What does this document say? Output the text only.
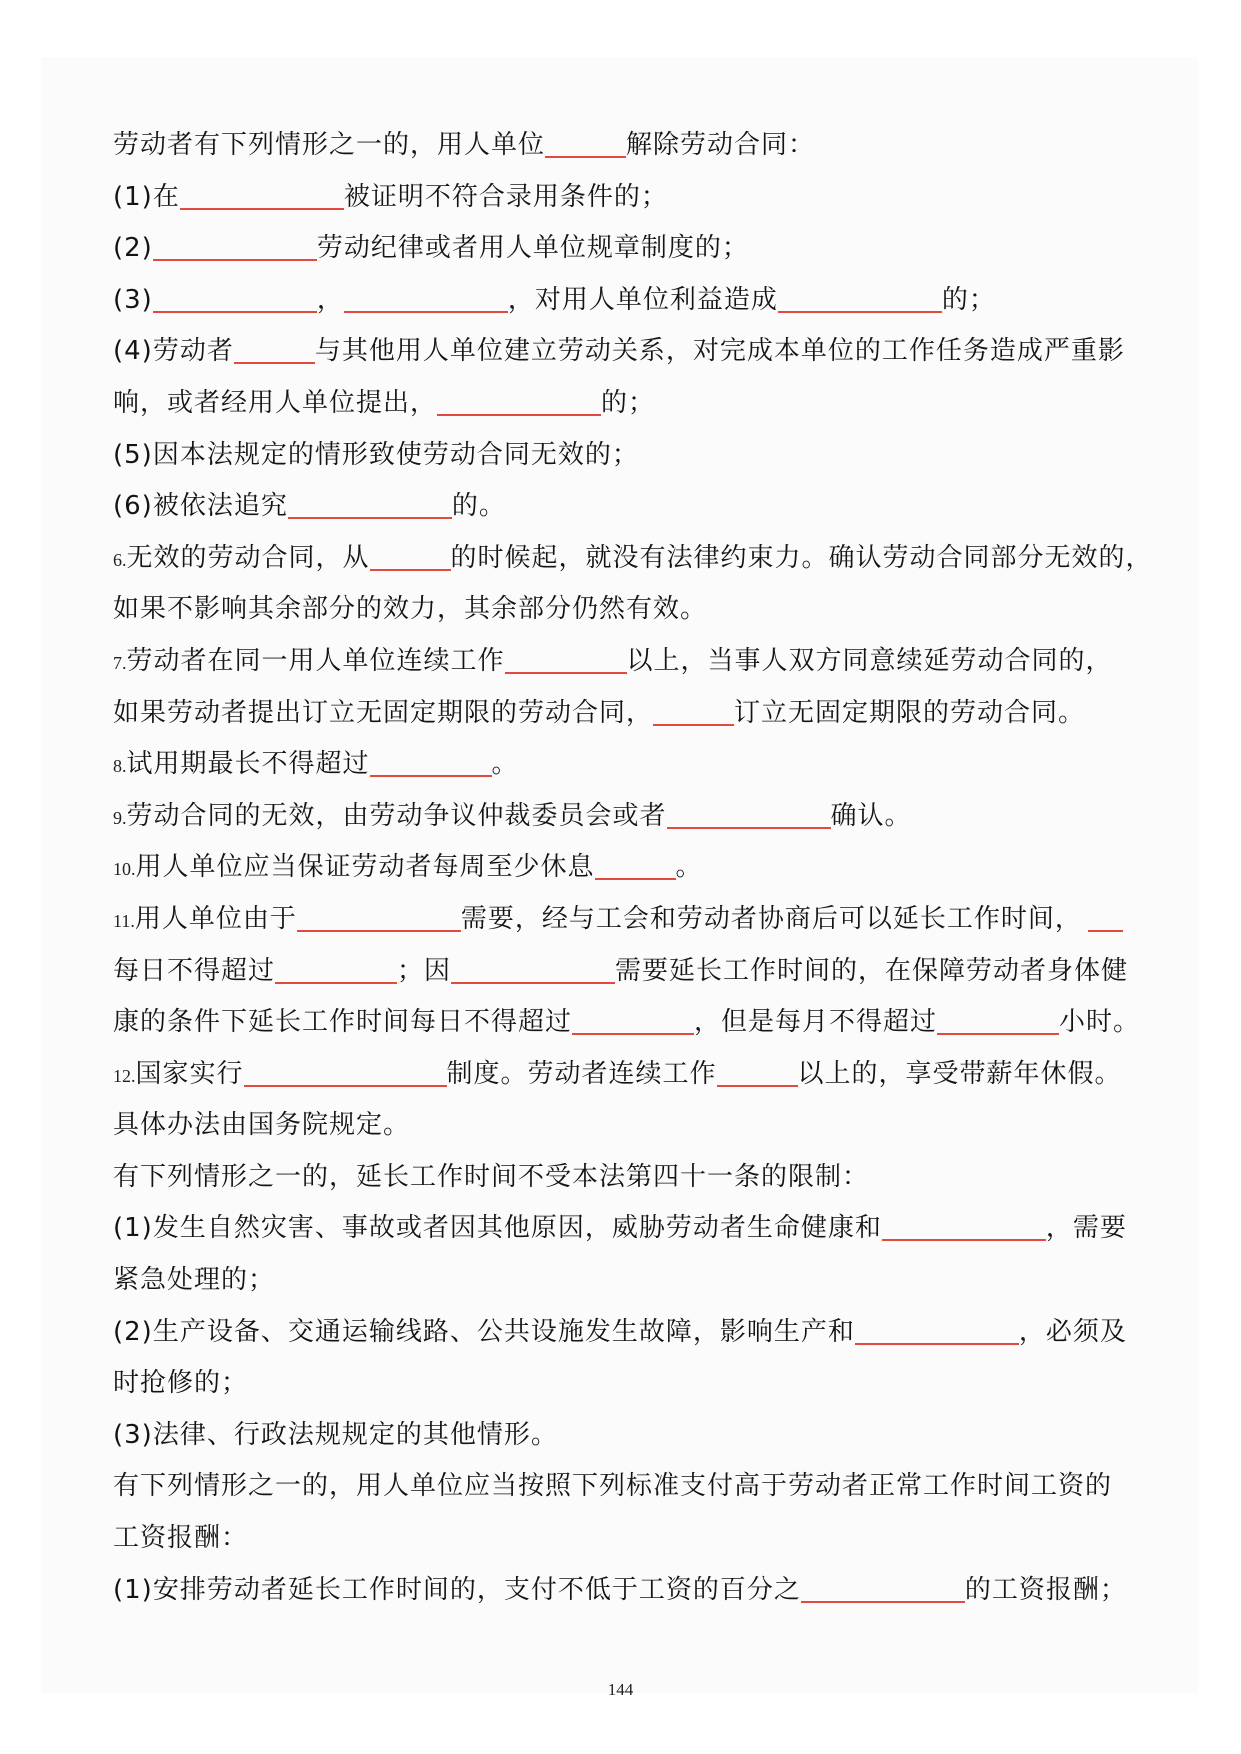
劳动者有下列情形之一的，用人单位	解除劳动合同：
(1)在	被证明不符合录用条件的；
(2)	劳动纪律或者用人单位规章制度的；
(3)	，	，对用人单位利益造成	的；
(4)劳动者	与其他用人单位建立劳动关系，对完成本单位的工作任务造成严重影
响，或者经用人单位提出，	的；
(5)因本法规定的情形致使劳动合同无效的；
(6)被依法追究	的。
6.无效的劳动合同，从	的时候起，就没有法律约束力。确认劳动合同部分无效的，
如果不影响其余部分的效力，其余部分仍然有效。
7.劳动者在同一用人单位连续工作	以上，当事人双方同意续延劳动合同的，
如果劳动者提出订立无固定期限的劳动合同，	订立无固定期限的劳动合同。
8.试用期最长不得超过	。
9.劳动合同的无效，由劳动争议仲裁委员会或者	确认。
10.用人单位应当保证劳动者每周至少休息	。
11.用人单位由于	需要，经与工会和劳动者协商后可以延长工作时间，
每日不得超过	；因	需要延长工作时间的，在保障劳动者身体健
康的条件下延长工作时间每日不得超过	，但是每月不得超过	小时。
12.国家实行	制度。劳动者连续工作	以上的，享受带薪年休假。
具体办法由国务院规定。
有下列情形之一的，延长工作时间不受本法第四十一条的限制：
(1)发生自然灾害、事故或者因其他原因，威胁劳动者生命健康和	，需要
紧急处理的；
(2)生产设备、交通运输线路、公共设施发生故障，影响生产和	，必须及
时抢修的；
(3)法律、行政法规规定的其他情形。
有下列情形之一的，用人单位应当按照下列标准支付高于劳动者正常工作时间工资的
工资报酬：
(1)安排劳动者延长工作时间的，支付不低于工资的百分之	的工资报酬；
144
